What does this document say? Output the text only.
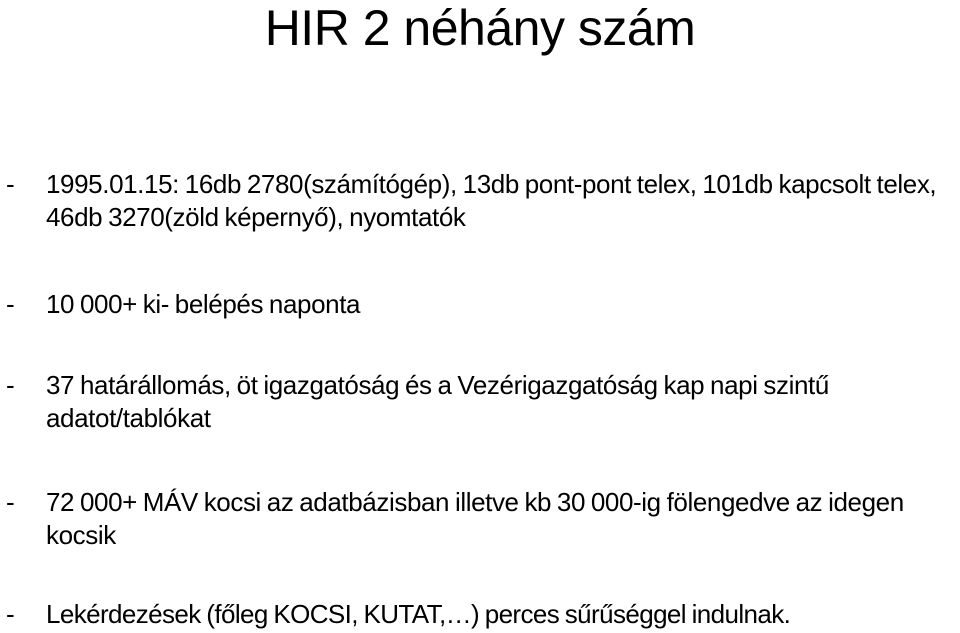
HIR 2 néhány szám
- 1995.01.15: 16db 2780(számítógép), 13db pont-pont telex, 101db kapcsolt telex, 46db 3270(zöld képernyő), nyomtatók
- 10 000+ ki- belépés naponta
- 37 határállomás, öt igazgatóság és a Vezérigazgatóság kap napi szintű adatot/tablókat
- 72 000+ MÁV kocsi az adatbázisban illetve kb 30 000-ig fölengedve az idegen kocsik
- Lekérdezések (főleg KOCSI, KUTAT,…) perces sűrűséggel indulnak.
